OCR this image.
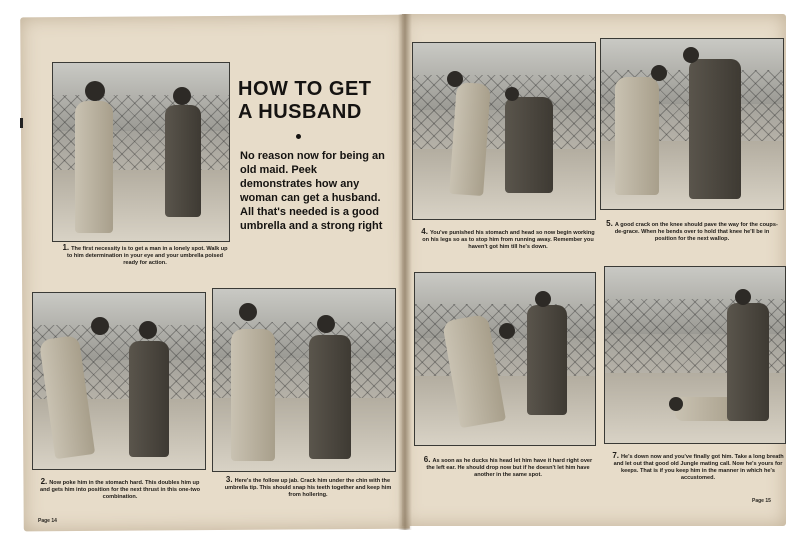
1. The first necessity is to get a man in a lonely spot. Walk up to him determination in your eye and your umbrella poised ready for action.
HOW TO GET
A HUSBAND
No reason now for being an old maid. Peek demonstrates how any woman can get a husband. All that's needed is a good umbrella and a strong right
2. Now poke him in the stomach hard. This doubles him up and gets him into position for the next thrust in this one-two combination.
3. Here's the follow up jab. Crack him under the chin with the umbrella tip. This should snap his teeth together and keep him from hollering.
4. You've punished his stomach and head so now begin working on his legs so as to stop him from running away. Remember you haven't got him till he's down.
5. A good crack on the knee should pave the way for the coups-de-grace. When he bends over to hold that knee he'll be in position for the next wallop.
6. As soon as he ducks his head let him have it hard right over the left ear. He should drop now but if he doesn't let him have another in the same spot.
7. He's down now and you've finally got him. Take a long breath and let out that good old Jungle mating call. Now he's yours for keeps. That is if you keep him in the manner in which he's accustomed.
Page 14
Page 15
